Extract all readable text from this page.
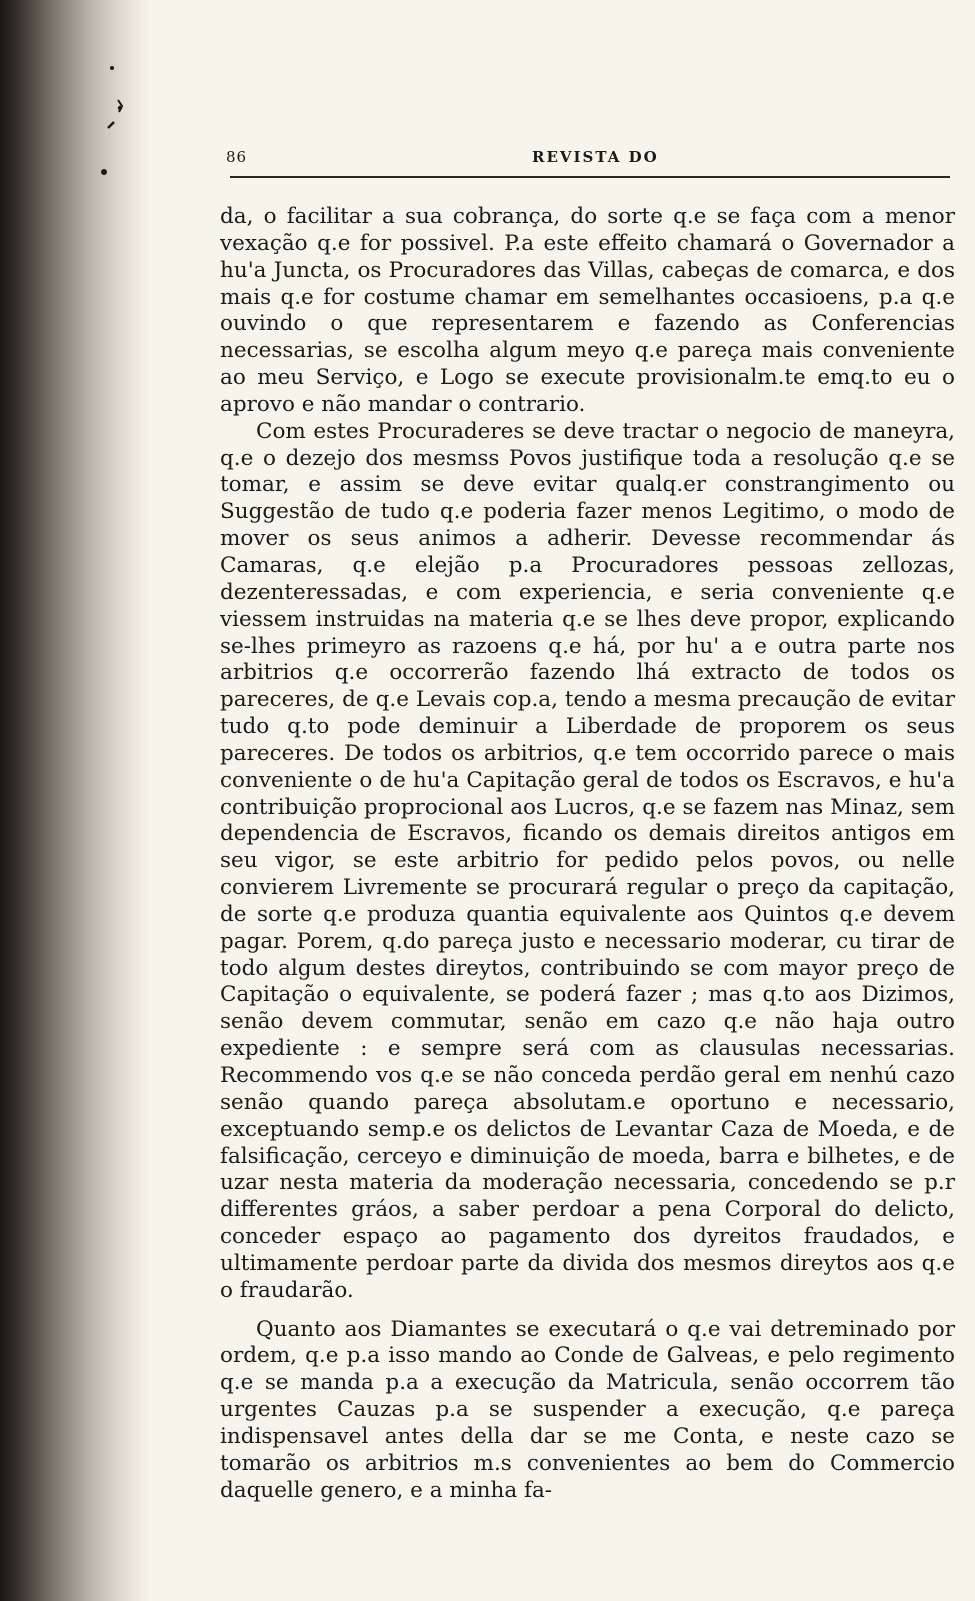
86	REVISTA DO

da, o facilitar a sua cobrança, do sorte q.e se faça com a menor vexação q.e for possivel. P.a este effeito chamará o Governador a hu'a Juncta, os Procuradores das Villas, cabeças de comarca, e dos mais q.e for costume chamar em semelhantes occasioens, p.a q.e ouvindo o que representarem e fazendo as Conferencias necessarias, se escolha algum meyo q.e pareça mais conveniente ao meu Serviço, e Logo se execute provisionalm.te emq.to eu o aprovo e não mandar o contrario.

Com estes Procuraderes se deve tractar o negocio de maneyra, q.e o dezejo dos mesmss Povos justifique toda a resolução q.e se tomar, e assim se deve evitar qualq.er constrangimento ou Suggestão de tudo q.e poderia fazer menos Legitimo, o modo de mover os seus animos a adherir. Devesse recommendar ás Camaras, q.e elejão p.a Procuradores pessoas zellozas, dezenteressadas, e com experiencia, e seria conveniente q.e viessem instruidas na materia q.e se lhes deve propor, explicando se-lhes primeyro as razoens q.e há, por hu' a e outra parte nos arbitrios q.e occorrerão fazendo lhá extracto de todos os pareceres, de q.e Levais cop.a, tendo a mesma precaução de evitar tudo q.to pode deminuir a Liberdade de proporem os seus pareceres. De todos os arbitrios, q.e tem occorrido parece o mais conveniente o de hu'a Capitação geral de todos os Escravos, e hu'a contribuição proprocional aos Lucros, q.e se fazem nas Minaz, sem dependencia de Escravos, ficando os demais direitos antigos em seu vigor, se este arbitrio for pedido pelos povos, ou nelle convierem Livremente se procurará regular o preço da capitação, de sorte q.e produza quantia equivalente aos Quintos q.e devem pagar. Porem, q.do pareça justo e necessario moderar, cu tirar de todo algum destes direytos, contribuindo se com mayor preço de Capitação o equivalente, se poderá fazer ; mas q.to aos Dizimos, senão devem commutar, senão em cazo q.e não haja outro expediente : e sempre será com as clausulas necessarias. Recommendo vos q.e se não conceda perdão geral em nenhú cazo senão quando pareça absolutam.e oportuno e necessario, exceptuando semp.e os delictos de Levantar Caza de Moeda, e de falsificação, cerceyo e diminuição de moeda, barra e bilhetes, e de uzar nesta materia da moderação necessaria, concedendo se p.r differentes gráos, a saber perdoar a pena Corporal do delicto, conceder espaço ao pagamento dos dyreitos fraudados, e ultimamente perdoar parte da divida dos mesmos direytos aos q.e o fraudarão.

Quanto aos Diamantes se executará o q.e vai detreminado por ordem, q.e p.a isso mando ao Conde de Galveas, e pelo regimento q.e se manda p.a a execução da Matricula, senão occorrem tão urgentes Cauzas p.a se suspender a execução, q.e pareça indispensavel antes della dar se me Conta, e neste cazo se tomarão os arbitrios m.s convenientes ao bem do Commercio daquelle genero, e a minha fa-
